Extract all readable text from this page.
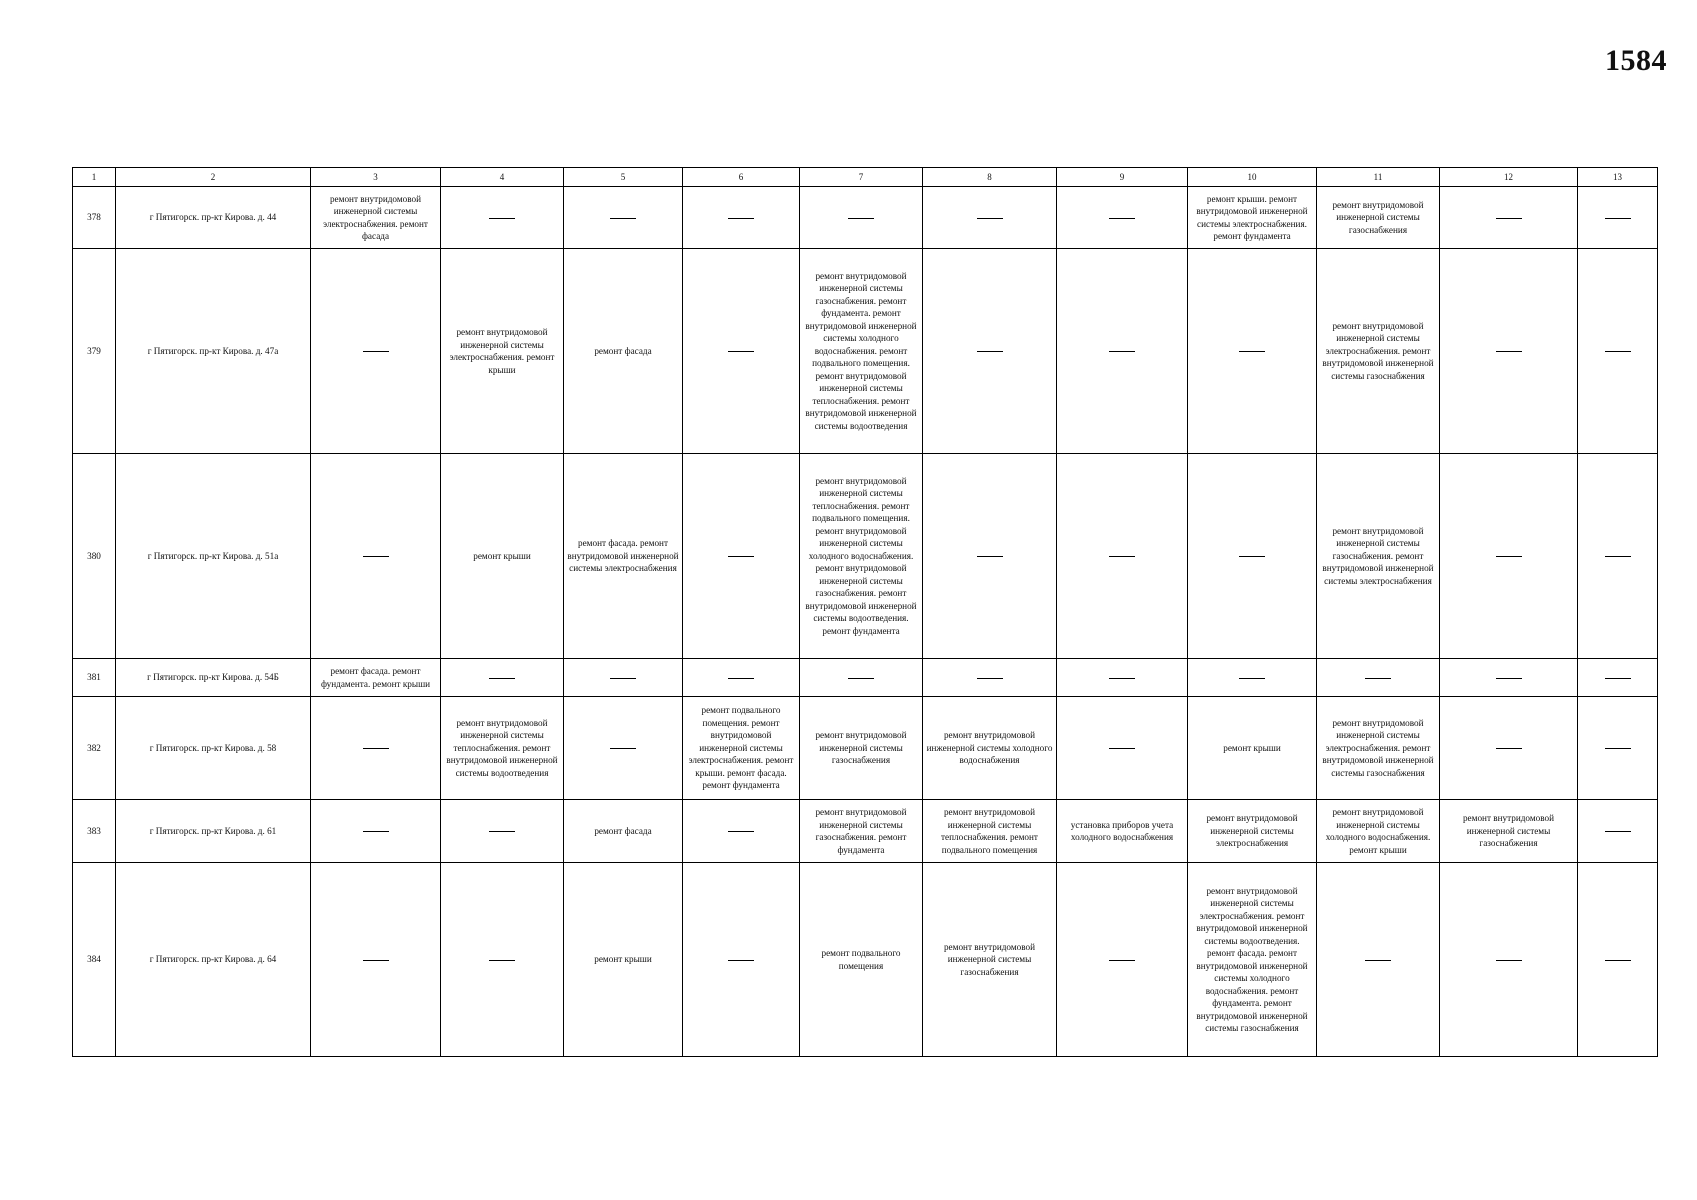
1584
1	2	3	4	5	6	7	8	9	10	11	12	13
378	г Пятигорск. пр-кт Кирова. д. 44	ремонт внутридомовой инженерной системы электроснабжения. ремонт фасада							ремонт крыши. ремонт внутридомовой инженерной системы электроснабжения. ремонт фундамента	ремонт внутридомовой инженерной системы газоснабжения		
379	г Пятигорск. пр-кт Кирова. д. 47а		ремонт внутридомовой инженерной системы электроснабжения. ремонт крыши	ремонт фасада		ремонт внутридомовой инженерной системы газоснабжения. ремонт фундамента. ремонт внутридомовой инженерной системы холодного водоснабжения. ремонт подвального помещения. ремонт внутридомовой инженерной системы теплоснабжения. ремонт внутридомовой инженерной системы водоотведения				ремонт внутридомовой инженерной системы электроснабжения. ремонт внутридомовой инженерной системы газоснабжения		
380	г Пятигорск. пр-кт Кирова. д. 51а		ремонт крыши	ремонт фасада. ремонт внутридомовой инженерной системы электроснабжения		ремонт внутридомовой инженерной системы теплоснабжения. ремонт подвального помещения. ремонт внутридомовой инженерной системы холодного водоснабжения. ремонт внутридомовой инженерной системы газоснабжения. ремонт внутридомовой инженерной системы водоотведения. ремонт фундамента				ремонт внутридомовой инженерной системы газоснабжения. ремонт внутридомовой инженерной системы электроснабжения		
381	г Пятигорск. пр-кт Кирова. д. 54Б	ремонт фасада. ремонт фундамента. ремонт крыши										
382	г Пятигорск. пр-кт Кирова. д. 58		ремонт внутридомовой инженерной системы теплоснабжения. ремонт внутридомовой инженерной системы водоотведения		ремонт подвального помещения. ремонт внутридомовой инженерной системы электроснабжения. ремонт крыши. ремонт фасада. ремонт фундамента	ремонт внутридомовой инженерной системы газоснабжения	ремонт внутридомовой инженерной системы холодного водоснабжения		ремонт крыши	ремонт внутридомовой инженерной системы электроснабжения. ремонт внутридомовой инженерной системы газоснабжения		
383	г Пятигорск. пр-кт Кирова. д. 61			ремонт фасада		ремонт внутридомовой инженерной системы газоснабжения. ремонт фундамента	ремонт внутридомовой инженерной системы теплоснабжения. ремонт подвального помещения	установка приборов учета холодного водоснабжения	ремонт внутридомовой инженерной системы электроснабжения	ремонт внутридомовой инженерной системы холодного водоснабжения. ремонт крыши	ремонт внутридомовой инженерной системы газоснабжения	
384	г Пятигорск. пр-кт Кирова. д. 64			ремонт крыши		ремонт подвального помещения	ремонт внутридомовой инженерной системы газоснабжения		ремонт внутридомовой инженерной системы электроснабжения. ремонт внутридомовой инженерной системы водоотведения. ремонт фасада. ремонт внутридомовой инженерной системы холодного водоснабжения. ремонт фундамента. ремонт внутридомовой инженерной системы газоснабжения			
